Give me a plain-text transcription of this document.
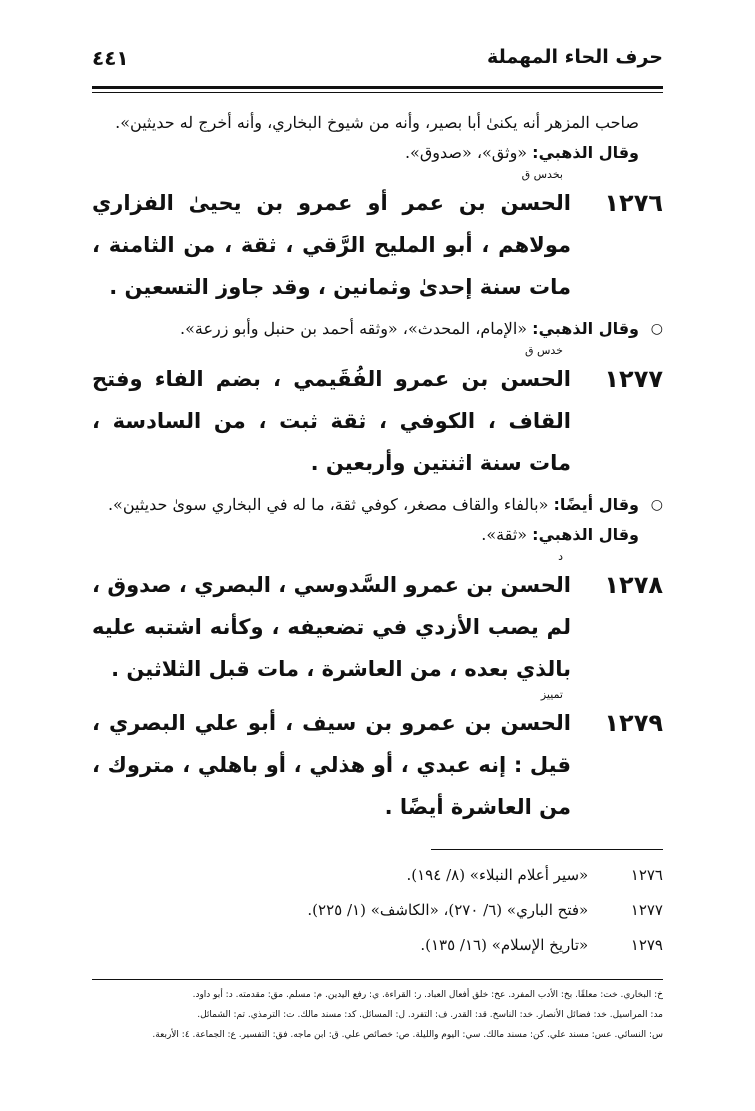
حرف الحاء المهملة
٤٤١

صاحب المزهر أنه يكنىٰ أبا بصير، وأنه من شيوخ البخاري، وأنه أخرج له حديثين».

وقال الذهبي: «وثق»، «صدوق».

بخدس ق
١٢٧٦
الحسن بن عمر أو عمرو بن يحيىٰ الفزاري مولاهم ، أبو المليح الرَّقي ، ثقة ، من الثامنة ، مات سنة إحدىٰ وثمانين ، وقد جاوز التسعين .
○
وقال الذهبي: «الإمام، المحدث»، «وثقه أحمد بن حنبل وأبو زرعة».
خدس ق
١٢٧٧
الحسن بن عمرو الفُقَيمي ، بضم الفاء وفتح القاف ، الكوفي ، ثقة ثبت ، من السادسة ، مات سنة اثنتين وأربعين .
○
وقال أيضًا: «بالفاء والقاف مصغر، كوفي ثقة، ما له في البخاري سوىٰ حديثين».
وقال الذهبي: «ثقة».
د
١٢٧٨
الحسن بن عمرو السَّدوسي ، البصري ، صدوق ، لم يصب الأزدي في تضعيفه ، وكأنه اشتبه عليه بالذي بعده ، من العاشرة ، مات قبل الثلاثين .
تمييز
١٢٧٩
الحسن بن عمرو بن سيف ، أبو علي البصري ، قيل : إنه عبدي ، أو هذلي ، أو باهلي ، متروك ، من العاشرة أيضًا .
١٢٧٦ «سير أعلام النبلاء» (٨/ ١٩٤).
١٢٧٧ «فتح الباري» (٦/ ٢٧٠)، «الكاشف» (١/ ٢٢٥).
١٢٧٩ «تاريخ الإسلام» (١٦/ ١٣٥).
خ: البخاري. خت: معلقًا. بخ: الأدب المفرد. عخ: خلق أفعال العباد. ر: القراءة. ي: رفع اليدين. م: مسلم. مق: مقدمته. د: أبو داود.
مد: المراسيل. خد: فضائل الأنصار. خد: الناسخ. قد: القدر. ف: التفرد. ل: المسائل. كد: مسند مالك. ت: الترمذي. تم: الشمائل.
س: النسائي. عس: مسند علي. كن: مسند مالك. سي: اليوم والليلة. ص: خصائص علي. ق: ابن ماجه. فق: التفسير. ع: الجماعة. ٤: الأربعة.
